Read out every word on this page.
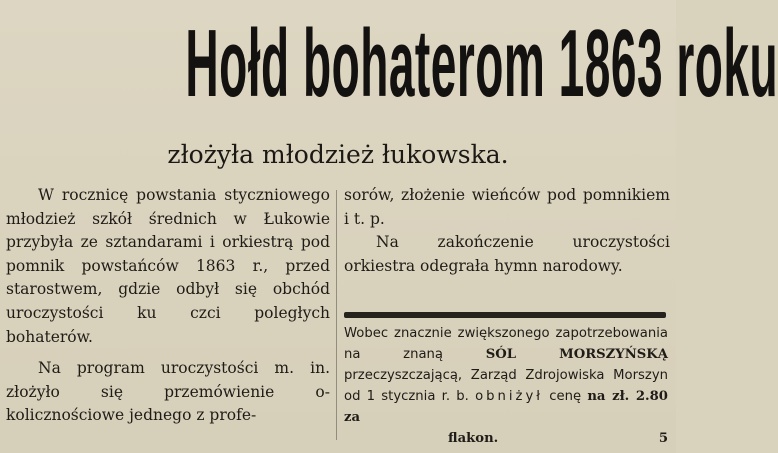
Hołd bohaterom 1863 roku
złożyła młodzież łukowska.

W rocznicę powstania styczniowego młodzież szkół średnich w Łukowie przybyła ze sztandarami i orkiestrą pod pomnik powstańców 1863 r., przed starostwem, gdzie odbył się obchód uroczystości ku czci poległych bohaterów.

Na program uroczystości m. in. złożyło się przemówienie okolicznościowe jednego z profe-

sorów, złożenie wieńców pod pomnikiem i t. p.

Na zakończenie uroczystości orkiestra odegrała hymn narodowy.

Wobec znacznie zwiększonego zapotrzebowania na znaną SÓL MORSZYŃSKĄ przeczyszczającą, Zarząd Zdrojowiska Morszyn od 1 stycznia r. b. obniżył cenę na zł. 2.80 za
flakon.	5
